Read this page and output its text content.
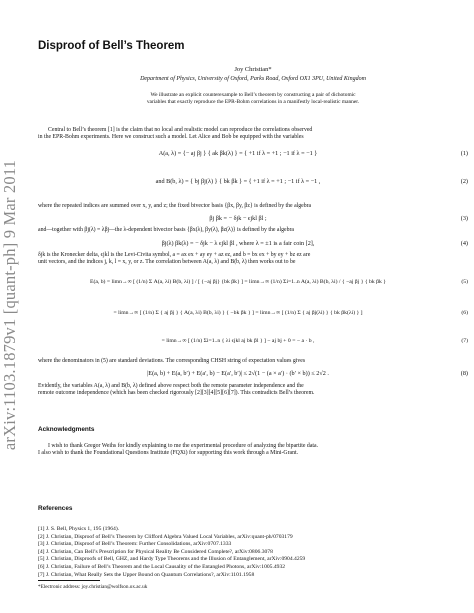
arXiv:1103.1879v1 [quant-ph] 9 Mar 2011
Disproof of Bell’s Theorem
Joy Christian*
Department of Physics, University of Oxford, Parks Road, Oxford OX1 3PU, United Kingdom
We illustrate an explicit counterexample to Bell’s theorem by constructing a pair of dichotomic
variables that exactly reproduce the EPR-Bohm correlations in a manifestly local-realistic manner.
Central to Bell’s theorem [1] is the claim that no local and realistic model can reproduce the correlations observed
in the EPR-Bohm experiments. Here we construct such a model. Let Alice and Bob be equipped with the variables
A(a, λ) = {− aj βj } { ak βk(λ) } = { +1 if λ = +1 ; −1 if λ = −1 }	(1)
and B(b, λ) = { bj βj(λ) } { bk βk } = { +1 if λ = +1 ; −1 if λ = −1 ,	(2)
where the repeated indices are summed over x, y, and z; the fixed bivector basis {βx, βy, βz} is defined by the algebra
βj βk = − δjk − ϵjkl βl ;	(3)
and—together with βj(λ) = λβj—the λ-dependent bivector basis {βx(λ), βy(λ), βz(λ)} is defined by the algebra
βj(λ) βk(λ) = − δjk − λ ϵjkl βl , where λ = ±1 is a fair coin [2],	(4)
δjk is the Kronecker delta, ϵjkl is the Levi-Civita symbol, a = ax ex + ay ey + az ez, and b = bx ex + by ey + bz ez are
unit vectors, and the indices j, k, l = x, y, or z. The correlation between A(a, λ) and B(b, λ) then works out to be
E(a, b) = limn→∞ [ (1/n) Σ A(a, λi) B(b, λi) ] / [ {−aj βj} {bk βk} ] = limn→∞ (1/n) Σi=1..n A(a, λi) B(b, λi) / { −aj βj } { bk βk }	(5)
= limn→∞ [ (1/n) Σ { aj βj } { A(a, λi) B(b, λi) } { −bk βk } ] = limn→∞ [ (1/n) Σ { aj βj(λi) } { bk βk(λi) } ]	(6)
= limn→∞ [ (1/n) Σi=1..n { λi ϵjkl aj bk βl } ] − aj bj + 0 = − a · b ,	(7)
where the denominators in (5) are standard deviations. The corresponding CHSH string of expectation values gives
|E(a, b) + E(a, b′) + E(a′, b) − E(a′, b′)| ≤ 2√(1 − (a × a′) · (b′ × b)) ≤ 2√2 .	(8)
Evidently, the variables A(a, λ) and B(b, λ) defined above respect both the remote parameter independence and the
remote outcome independence (which has been checked rigorously [2][3][4][5][6][7]). This contradicts Bell’s theorem.
Acknowledgments
I wish to thank Gregor Weihs for kindly explaining to me the experimental procedure of analyzing the bipartite data.
I also wish to thank the Foundational Questions Institute (FQXi) for supporting this work through a Mini-Grant.
References
[1] J. S. Bell, Physics 1, 195 (1964).
[2] J. Christian, Disproof of Bell’s Theorem by Clifford Algebra Valued Local Variables, arXiv:quant-ph/0703179
[3] J. Christian, Disproof of Bell’s Theorem: Further Consolidations, arXiv:0707.1333
[4] J. Christian, Can Bell’s Prescription for Physical Reality Be Considered Complete?, arXiv:0806.3078
[5] J. Christian, Disproofs of Bell, GHZ, and Hardy Type Theorems and the Illusion of Entanglement, arXiv:0904.4259
[6] J. Christian, Failure of Bell’s Theorem and the Local Causality of the Entangled Photons, arXiv:1005.4932
[7] J. Christian, What Really Sets the Upper Bound on Quantum Correlations?, arXiv:1101.1958
*Electronic address: joy.christian@wolfson.ox.ac.uk
